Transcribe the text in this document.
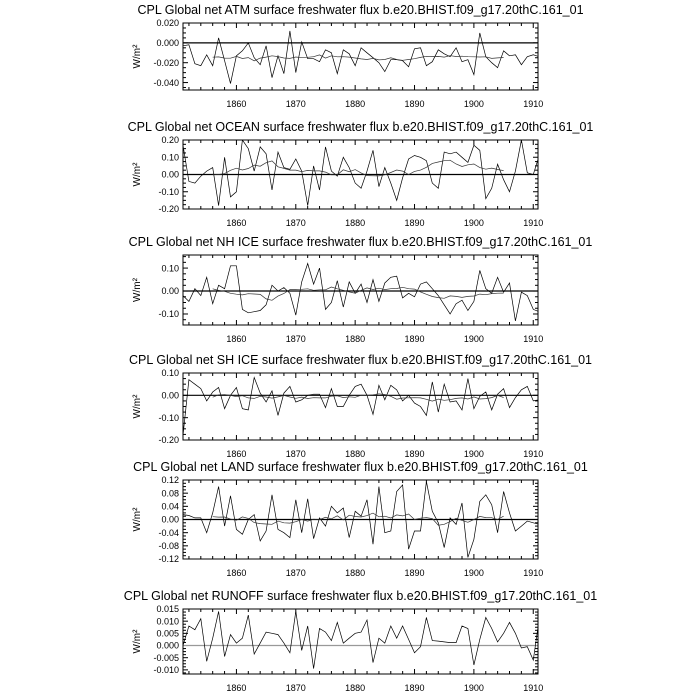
CPL Global net ATM surface freshwater flux b.e20.BHIST.f09_g17.20thC.161_01
W/m²
1860	1870	1880	1890	1900	1910
0.020
0.000
-0.020
-0.040
CPL Global net OCEAN surface freshwater flux b.e20.BHIST.f09_g17.20thC.161_01
W/m²
1860	1870	1880	1890	1900	1910
0.20
0.10
0.00
-0.10
-0.20
CPL Global net NH ICE surface freshwater flux b.e20.BHIST.f09_g17.20thC.161_01
W/m²
1860	1870	1880	1890	1900	1910
0.10
0.00
-0.10
CPL Global net SH ICE surface freshwater flux b.e20.BHIST.f09_g17.20thC.161_01
W/m²
1860	1870	1880	1890	1900	1910
0.10
0.00
-0.10
-0.20
CPL Global net LAND surface freshwater flux b.e20.BHIST.f09_g17.20thC.161_01
W/m²
1860	1870	1880	1890	1900	1910
0.12
0.08
0.04
0.00
-0.04
-0.08
-0.12
CPL Global net RUNOFF surface freshwater flux b.e20.BHIST.f09_g17.20thC.161_01
W/m²
1860	1870	1880	1890	1900	1910
0.015
0.010
0.005
0.000
-0.005
-0.010
